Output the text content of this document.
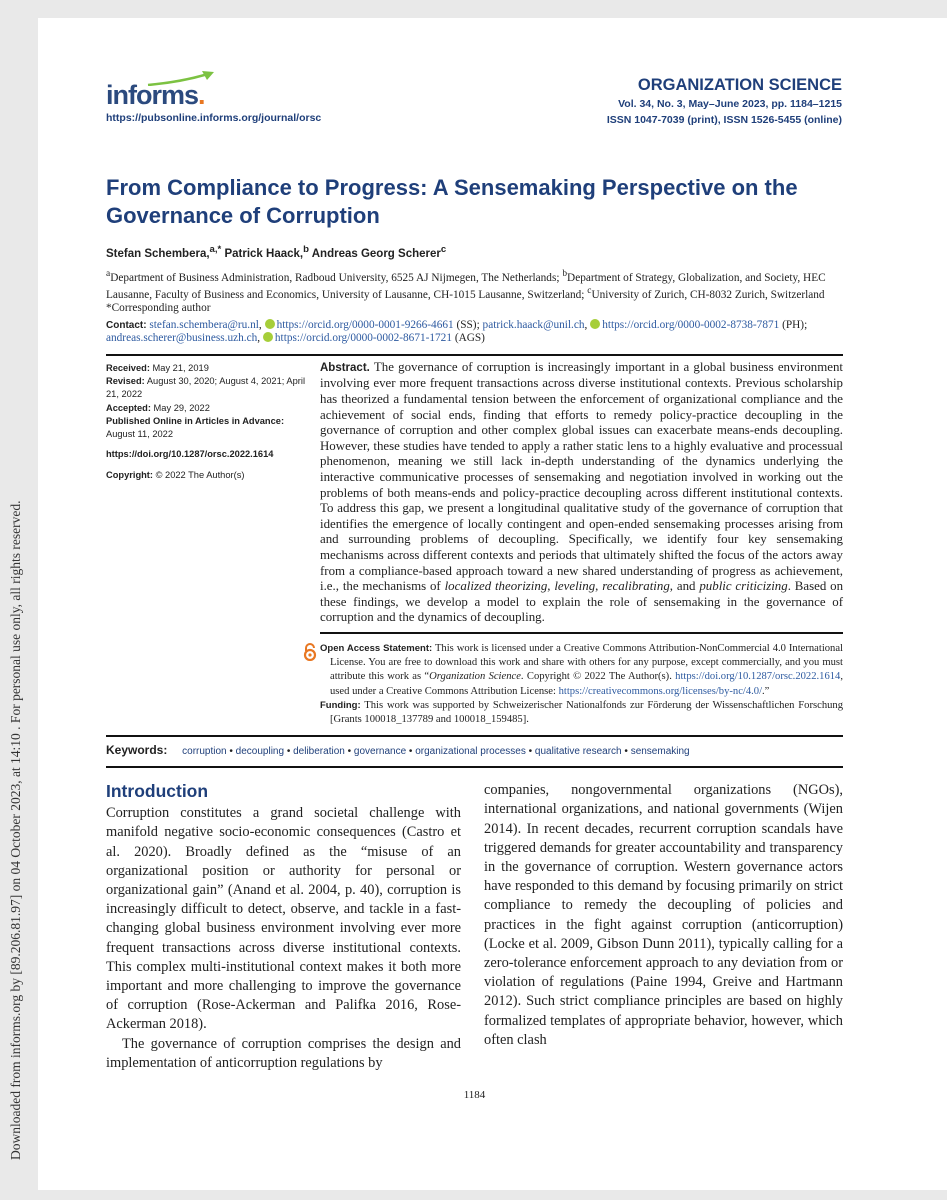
Downloaded from informs.org by [89.206.81.97] on 04 October 2023, at 14:10 . For personal use only, all rights reserved.
informs.
https://pubsonline.informs.org/journal/orsc
ORGANIZATION SCIENCE
Vol. 34, No. 3, May–June 2023, pp. 1184–1215
ISSN 1047-7039 (print), ISSN 1526-5455 (online)
From Compliance to Progress: A Sensemaking Perspective on the Governance of Corruption
Stefan Schembera,$^{a,*}$ Patrick Haack,$^b$ Andreas Georg Scherer$^c$
$^a$Department of Business Administration, Radboud University, 6525 AJ Nijmegen, The Netherlands; $^b$Department of Strategy, Globalization, and Society, HEC Lausanne, Faculty of Business and Economics, University of Lausanne, CH-1015 Lausanne, Switzerland; $^c$University of Zurich, CH-8032 Zurich, Switzerland
*Corresponding author
Contact: stefan.schembera@ru.nl, https://orcid.org/0000-0001-9266-4661 (SS); patrick.haack@unil.ch, https://orcid.org/0000-0002-8738-7871 (PH); andreas.scherer@business.uzh.ch, https://orcid.org/0000-0002-8671-1721 (AGS)

Received: May 21, 2019

Revised: August 30, 2020; August 4, 2021; April 21, 2022

Accepted: May 29, 2022

Published Online in Articles in Advance:
August 11, 2022

https://doi.org/10.1287/orsc.2022.1614

Copyright: © 2022 The Author(s)

Abstract. The governance of corruption is increasingly important in a global business environment involving ever more frequent transactions across diverse institutional contexts. Previous scholarship has theorized a fundamental tension between the enforcement of organizational compliance and the achievement of social ends, finding that efforts to remedy policy-practice decoupling in the governance of corruption and other complex global issues can exacerbate means-ends decoupling. However, these studies have tended to apply a rather static lens to a highly evaluative and processual phenomenon, meaning we still lack in-depth understanding of the dynamics underlying the interactive communicative processes of sensemaking and negotiation involved in working out the problems of both means-ends and policy-practice decoupling across different institutional contexts. To address this gap, we present a longitudinal qualitative study of the governance of corruption that identifies the emergence of locally contingent and open-ended sensemaking processes arising from and surrounding problems of decoupling. Specifically, we identify four key sensemaking mechanisms across different contexts and periods that ultimately shifted the focus of the actors away from a compliance-based approach toward a new shared understanding of progress as achievement, i.e., the mechanisms of localized theorizing, leveling, recalibrating, and public criticizing. Based on these findings, we develop a model to explain the role of sensemaking in the governance of corruption and the dynamics of decoupling.
Open Access Statement: This work is licensed under a Creative Commons Attribution-NonCommercial 4.0 International License. You are free to download this work and share with others for any purpose, except commercially, and you must attribute this work as “Organization Science. Copyright © 2022 The Author(s). https://doi.org/10.1287/orsc.2022.1614, used under a Creative Commons Attribution License: https://creativecommons.org/licenses/by-nc/4.0/.”
Funding: This work was supported by Schweizerischer Nationalfonds zur Förderung der Wissenschaftlichen Forschung [Grants 100018_137789 and 100018_159485].
Keywords: corruption • decoupling • deliberation • governance • organizational processes • qualitative research • sensemaking
Introduction

Corruption constitutes a grand societal challenge with manifold negative socio-economic consequences (Castro et al. 2020). Broadly defined as the “misuse of an organizational position or authority for personal or organizational gain” (Anand et al. 2004, p. 40), corruption is increasingly difficult to detect, observe, and tackle in a fast-changing global business environment involving ever more frequent transactions across diverse institutional contexts. This complex multi-institutional context makes it both more important and more challenging to improve the governance of corruption (Rose-Ackerman and Palifka 2016, Rose-Ackerman 2018).

The governance of corruption comprises the design and implementation of anticorruption regulations by

companies, nongovernmental organizations (NGOs), international organizations, and national governments (Wijen 2014). In recent decades, recurrent corruption scandals have triggered demands for greater accountability and transparency in the governance of corruption. Western governance actors have responded to this demand by focusing primarily on strict compliance to remedy the decoupling of policies and practices in the fight against corruption (anticorruption) (Locke et al. 2009, Gibson Dunn 2011), typically calling for a zero-tolerance enforcement approach to any deviation from or violation of regulations (Paine 1994, Greive and Hartmann 2012). Such strict compliance principles are based on highly formalized templates of appropriate behavior, however, which often clash

1184
